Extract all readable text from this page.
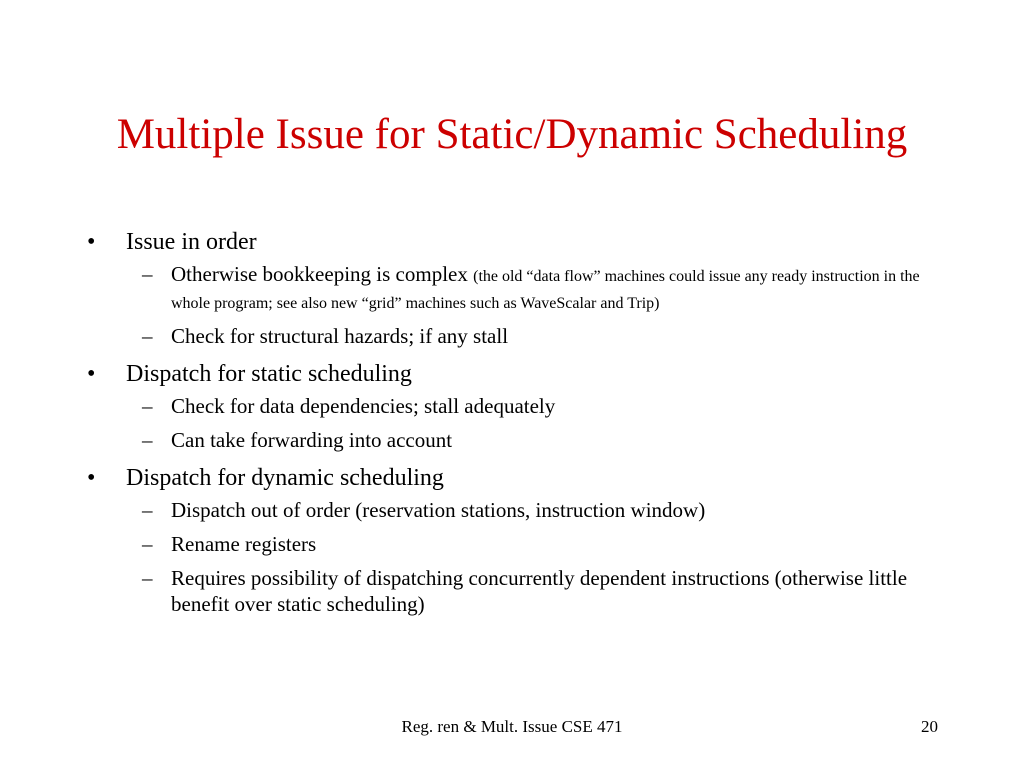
Multiple Issue for Static/Dynamic Scheduling
• Issue in order
– Otherwise bookkeeping is complex (the old “data flow” machines could issue any ready instruction in the whole program; see also new “grid” machines such as WaveScalar and Trip)
– Check for structural hazards; if any stall
• Dispatch for static scheduling
– Check for data dependencies; stall adequately
– Can take forwarding into account
• Dispatch for dynamic scheduling
– Dispatch out of order (reservation stations, instruction window)
– Rename registers
– Requires possibility of dispatching concurrently dependent instructions (otherwise little benefit over static scheduling)
Reg. ren & Mult. Issue CSE 471	20
